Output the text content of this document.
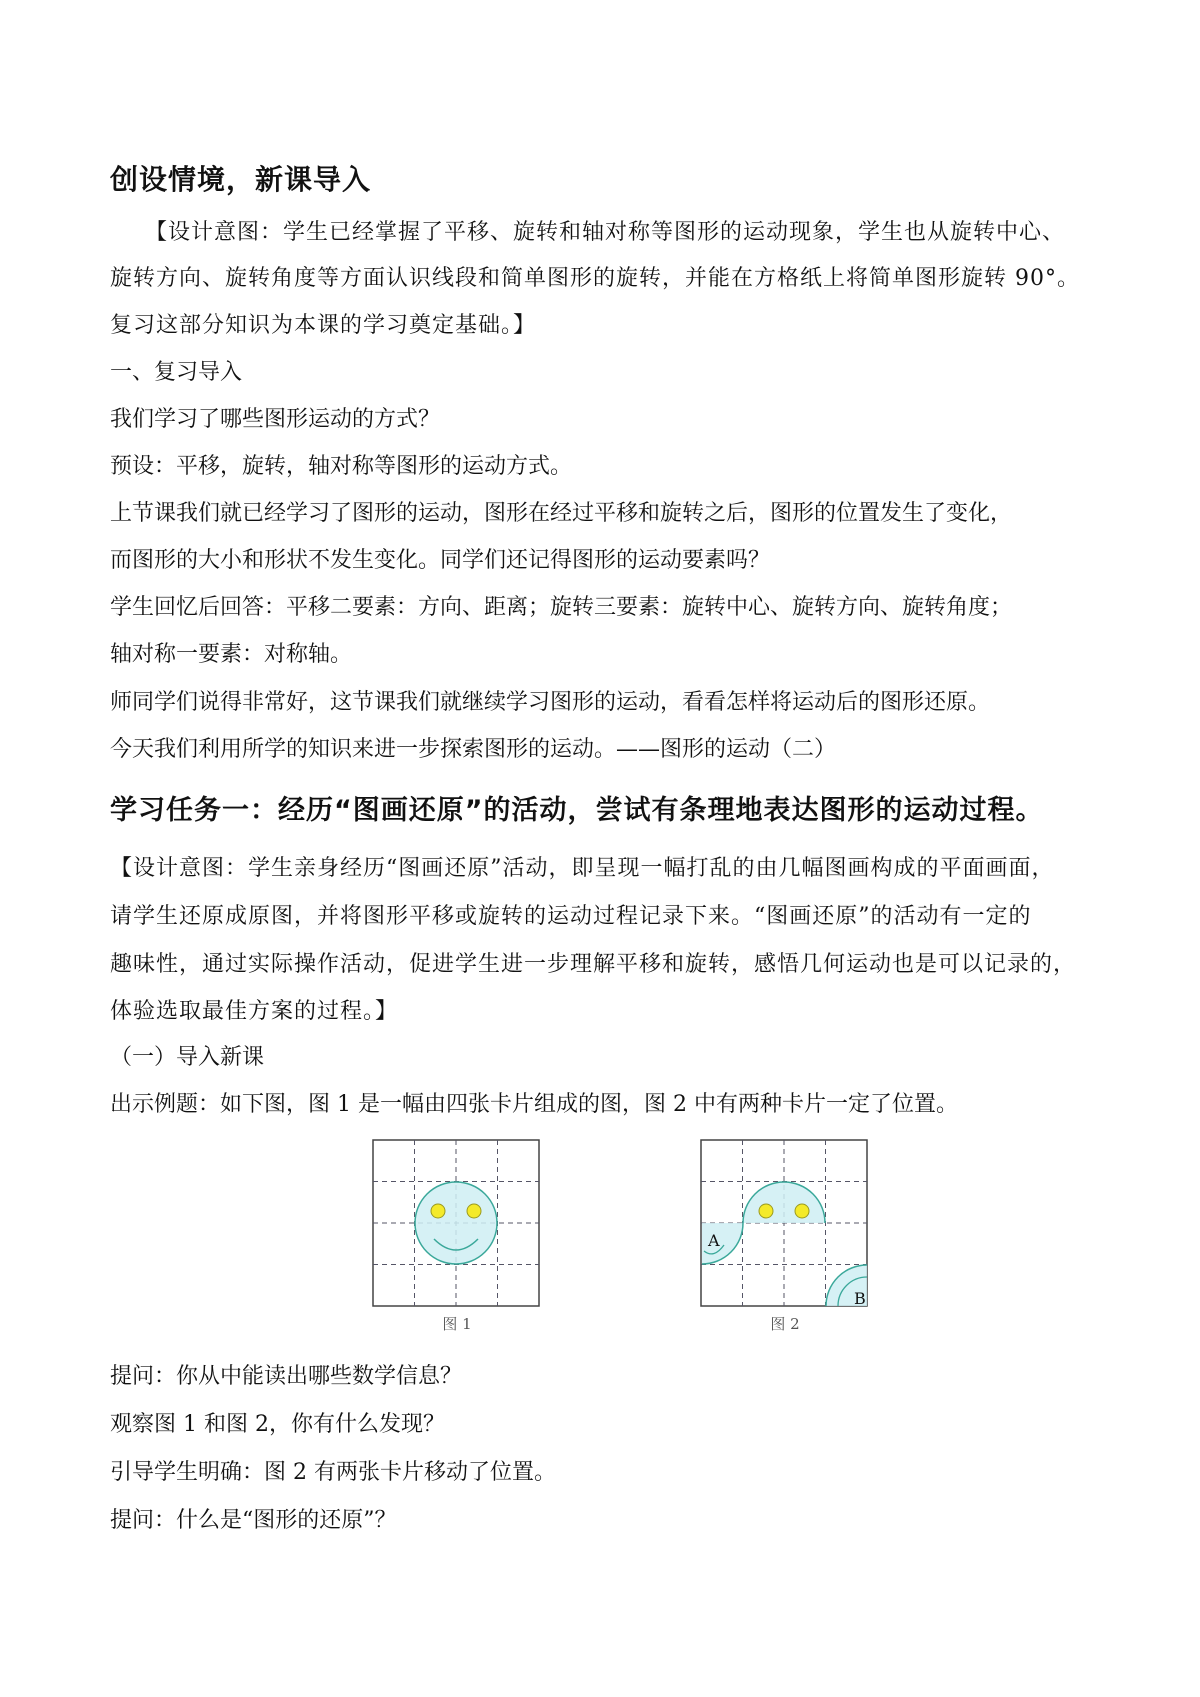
创设情境，新课导入
【设计意图：学生已经掌握了平移、旋转和轴对称等图形的运动现象，学生也从旋转中心、
旋转方向、旋转角度等方面认识线段和简单图形的旋转，并能在方格纸上将简单图形旋转 90°。
复习这部分知识为本课的学习奠定基础。】
一、复习导入
我们学习了哪些图形运动的方式？
预设：平移，旋转，轴对称等图形的运动方式。
上节课我们就已经学习了图形的运动，图形在经过平移和旋转之后，图形的位置发生了变化，
而图形的大小和形状不发生变化。同学们还记得图形的运动要素吗？
学生回忆后回答：平移二要素：方向、距离；旋转三要素：旋转中心、旋转方向、旋转角度；
轴对称一要素：对称轴。
师同学们说得非常好，这节课我们就继续学习图形的运动，看看怎样将运动后的图形还原。
今天我们利用所学的知识来进一步探索图形的运动。——图形的运动（二）
学习任务一：经历“图画还原”的活动，尝试有条理地表达图形的运动过程。
【设计意图：学生亲身经历“图画还原”活动，即呈现一幅打乱的由几幅图画构成的平面画面，
请学生还原成原图，并将图形平移或旋转的运动过程记录下来。“图画还原”的活动有一定的
趣味性，通过实际操作活动，促进学生进一步理解平移和旋转，感悟几何运动也是可以记录的，
体验选取最佳方案的过程。】
（一）导入新课
出示例题：如下图，图 1 是一幅由四张卡片组成的图，图 2 中有两种卡片一定了位置。
图 1
A
B
图 2
提问：你从中能读出哪些数学信息？
观察图 1 和图 2，你有什么发现？
引导学生明确：图 2 有两张卡片移动了位置。
提问：什么是“图形的还原”？
